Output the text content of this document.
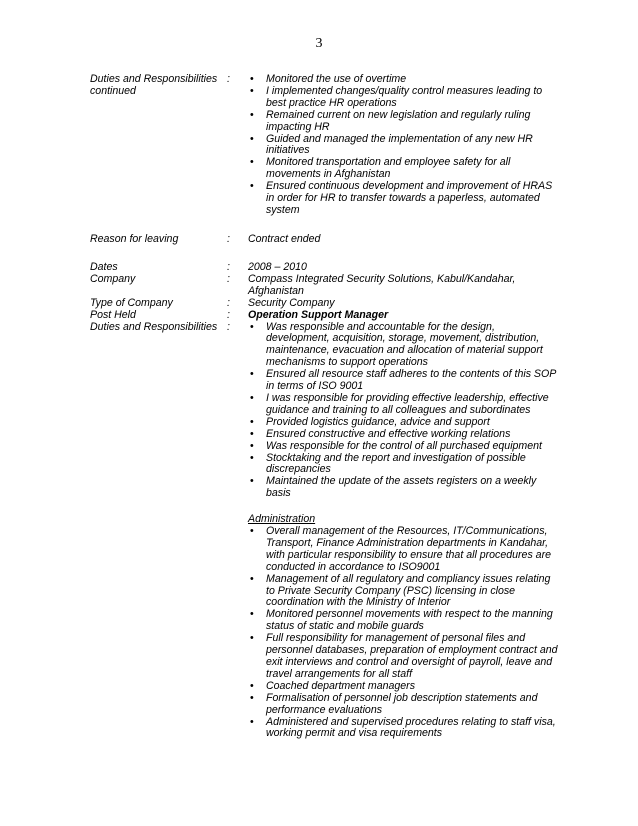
3
Duties and Responsibilities
continued
:	• Monitored the use of overtime
• I implemented changes/quality control measures leading to best practice HR operations
• Remained current on new legislation and regularly ruling impacting HR
• Guided and managed the implementation of any new HR initiatives
• Monitored transportation and employee safety for all movements in Afghanistan
• Ensured continuous development and improvement of HRAS in order for HR to transfer towards a paperless, automated system
Reason for leaving	:	Contract ended
Dates	:	2008 – 2010
Company	:	Compass Integrated Security Solutions, Kabul/Kandahar, Afghanistan
Type of Company	:	Security Company
Post Held	:	Operation Support Manager
Duties and Responsibilities :	• Was responsible and accountable for the design, development, acquisition, storage, movement, distribution, maintenance, evacuation and allocation of material support mechanisms to support operations
• Ensured all resource staff adheres to the contents of this SOP in terms of ISO 9001
• I was responsible for providing effective leadership, effective guidance and training to all colleagues and subordinates
• Provided logistics guidance, advice and support
• Ensured constructive and effective working relations
• Was responsible for the control of all purchased equipment
• Stocktaking and the report and investigation of possible discrepancies
• Maintained the update of the assets registers on a weekly basis
Administration
• Overall management of the Resources, IT/Communications, Transport, Finance Administration departments in Kandahar, with particular responsibility to ensure that all procedures are conducted in accordance to ISO9001
• Management of all regulatory and compliancy issues relating to Private Security Company (PSC) licensing in close coordination with the Ministry of Interior
• Monitored personnel movements with respect to the manning status of static and mobile guards
• Full responsibility for management of personal files and personnel databases, preparation of employment contract and exit interviews and control and oversight of payroll, leave and travel arrangements for all staff
• Coached department managers
• Formalisation of personnel job description statements and performance evaluations
• Administered and supervised procedures relating to staff visa, working permit and visa requirements
